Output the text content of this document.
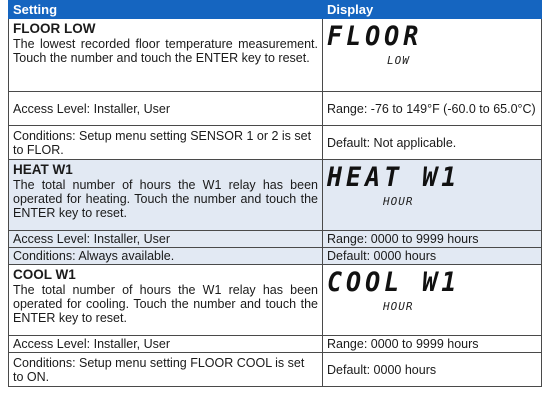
Setting	Display

FLOOR LOW
The lowest recorded floor temperature measurement. Touch the number and touch the ENTER key to reset.	FLOOR
LOW

Access Level: Installer, User	Range: -76 to 149°F (-60.0 to 65.0°C)
Conditions: Setup menu setting SENSOR 1 or 2 is set to FLOR.	Default: Not applicable.

HEAT W1
The total number of hours the W1 relay has been operated for heating. Touch the number and touch the ENTER key to reset.	HEAT W1
HOUR

Access Level: Installer, User	Range: 0000 to 9999 hours
Conditions: Always available.	Default: 0000 hours

COOL W1
The total number of hours the W1 relay has been operated for cooling. Touch the number and touch the ENTER key to reset.	COOL W1
HOUR

Access Level: Installer, User	Range: 0000 to 9999 hours
Conditions: Setup menu setting FLOOR COOL is set to ON.	Default: 0000 hours
